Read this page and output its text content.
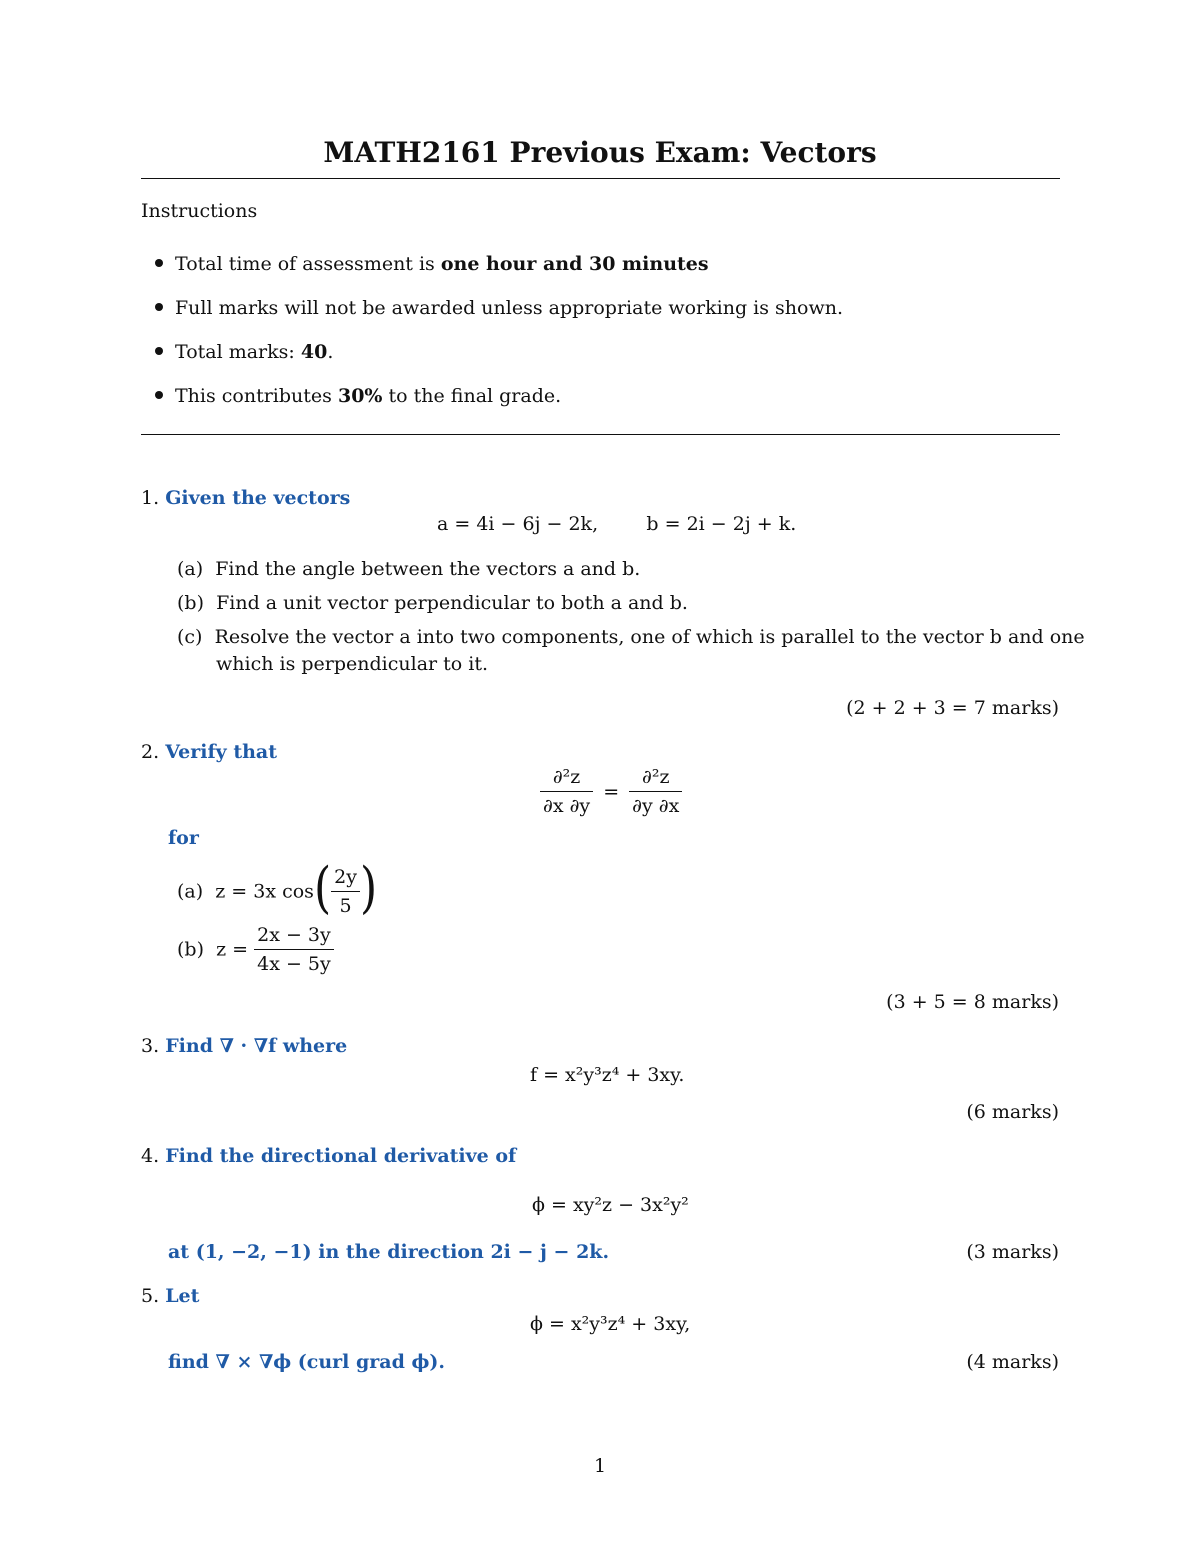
MATH2161 Previous Exam: Vectors
Instructions
Total time of assessment is one hour and 30 minutes
Full marks will not be awarded unless appropriate working is shown.
Total marks: 40.
This contributes 30% to the final grade.
1. Given the vectors
a = 4i − 6j − 2k,        b = 2i − 2j + k.
(a) Find the angle between the vectors a and b.
(b) Find a unit vector perpendicular to both a and b.
(c) Resolve the vector a into two components, one of which is parallel to the vector b and one
which is perpendicular to it.
(2 + 2 + 3 = 7 marks)
2. Verify that
$\frac{\text{∂²z}}{\partial x \partial y} = \frac{\text{∂²z}}{\partial y \partial x}$
for
(a) z = 3x $\cos( \frac{2y}{5}$ )
(b) $z = \frac{2x - 3y}{4x - 5y}$
(3 + 5 = 8 marks)
3. Find ∇ · ∇f where
f = x²y³z⁴ + 3xy.
(6 marks)
4. Find the directional derivative of
ϕ = xy²z − 3x²y²
at (1, −2, −1) in the direction 2i − j − 2k.	(3 marks)
5. Let
ϕ = x²y³z⁴ + 3xy,
find ∇ × ∇ϕ (curl grad ϕ).	(4 marks)
1
